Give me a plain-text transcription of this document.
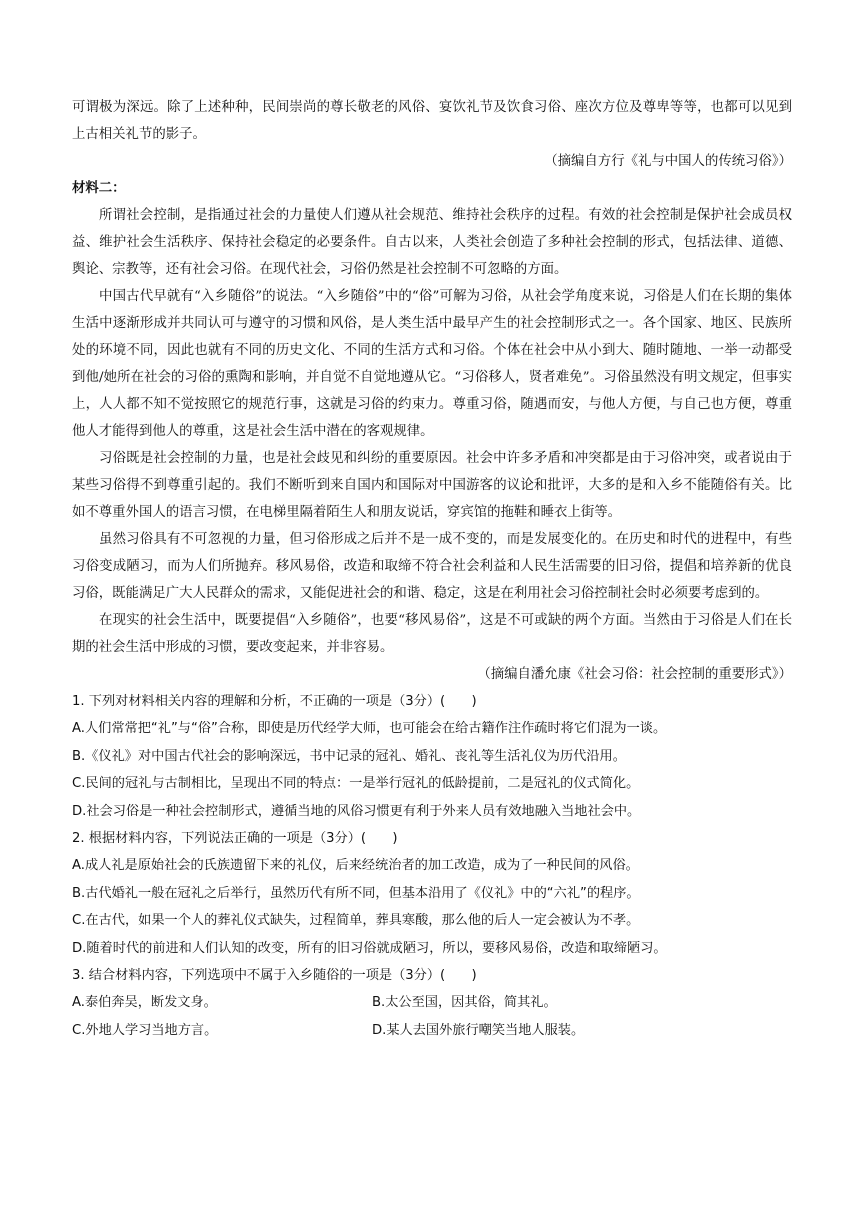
可谓极为深远。除了上述种种，民间崇尚的尊长敬老的风俗、宴饮礼节及饮食习俗、座次方位及尊卑等等，也都可以见到上古相关礼节的影子。

（摘编自方行《礼与中国人的传统习俗》）

材料二：

所谓社会控制，是指通过社会的力量使人们遵从社会规范、维持社会秩序的过程。有效的社会控制是保护社会成员权益、维护社会生活秩序、保持社会稳定的必要条件。自古以来，人类社会创造了多种社会控制的形式，包括法律、道德、舆论、宗教等，还有社会习俗。在现代社会，习俗仍然是社会控制不可忽略的方面。

中国古代早就有“入乡随俗”的说法。“入乡随俗”中的“俗”可解为习俗，从社会学角度来说，习俗是人们在长期的集体生活中逐渐形成并共同认可与遵守的习惯和风俗，是人类生活中最早产生的社会控制形式之一。各个国家、地区、民族所处的环境不同，因此也就有不同的历史文化、不同的生活方式和习俗。个体在社会中从小到大、随时随地、一举一动都受到他/她所在社会的习俗的熏陶和影响，并自觉不自觉地遵从它。“习俗移人，贤者难免”。习俗虽然没有明文规定，但事实上，人人都不知不觉按照它的规范行事，这就是习俗的约束力。尊重习俗，随遇而安，与他人方便，与自己也方便，尊重他人才能得到他人的尊重，这是社会生活中潜在的客观规律。

习俗既是社会控制的力量，也是社会歧见和纠纷的重要原因。社会中许多矛盾和冲突都是由于习俗冲突，或者说由于某些习俗得不到尊重引起的。我们不断听到来自国内和国际对中国游客的议论和批评，大多的是和入乡不能随俗有关。比如不尊重外国人的语言习惯，在电梯里隔着陌生人和朋友说话，穿宾馆的拖鞋和睡衣上街等。

虽然习俗具有不可忽视的力量，但习俗形成之后并不是一成不变的，而是发展变化的。在历史和时代的进程中，有些习俗变成陋习，而为人们所抛弃。移风易俗，改造和取缔不符合社会利益和人民生活需要的旧习俗，提倡和培养新的优良习俗，既能满足广大人民群众的需求，又能促进社会的和谐、稳定，这是在利用社会习俗控制社会时必须要考虑到的。

在现实的社会生活中，既要提倡“入乡随俗”，也要“移风易俗”，这是不可或缺的两个方面。当然由于习俗是人们在长期的社会生活中形成的习惯，要改变起来，并非容易。

（摘编自潘允康《社会习俗：社会控制的重要形式》）

1. 下列对材料相关内容的理解和分析，不正确的一项是（3分）(　　)

A.人们常常把“礼”与“俗”合称，即使是历代经学大师，也可能会在给古籍作注作疏时将它们混为一谈。

B.《仪礼》对中国古代社会的影响深远，书中记录的冠礼、婚礼、丧礼等生活礼仪为历代沿用。

C.民间的冠礼与古制相比，呈现出不同的特点：一是举行冠礼的低龄提前，二是冠礼的仪式简化。

D.社会习俗是一种社会控制形式，遵循当地的风俗习惯更有利于外来人员有效地融入当地社会中。

2. 根据材料内容，下列说法正确的一项是（3分）(　　)

A.成人礼是原始社会的氏族遗留下来的礼仪，后来经统治者的加工改造，成为了一种民间的风俗。

B.古代婚礼一般在冠礼之后举行，虽然历代有所不同，但基本沿用了《仪礼》中的“六礼”的程序。

C.在古代，如果一个人的葬礼仪式缺失，过程简单，葬具寒酸，那么他的后人一定会被认为不孝。

D.随着时代的前进和人们认知的改变，所有的旧习俗就成陋习，所以，要移风易俗，改造和取缔陋习。

3. 结合材料内容，下列选项中不属于入乡随俗的一项是（3分）(　　)

A.泰伯奔吴，断发文身。	B.太公至国，因其俗，简其礼。

C.外地人学习当地方言。	D.某人去国外旅行嘲笑当地人服装。
